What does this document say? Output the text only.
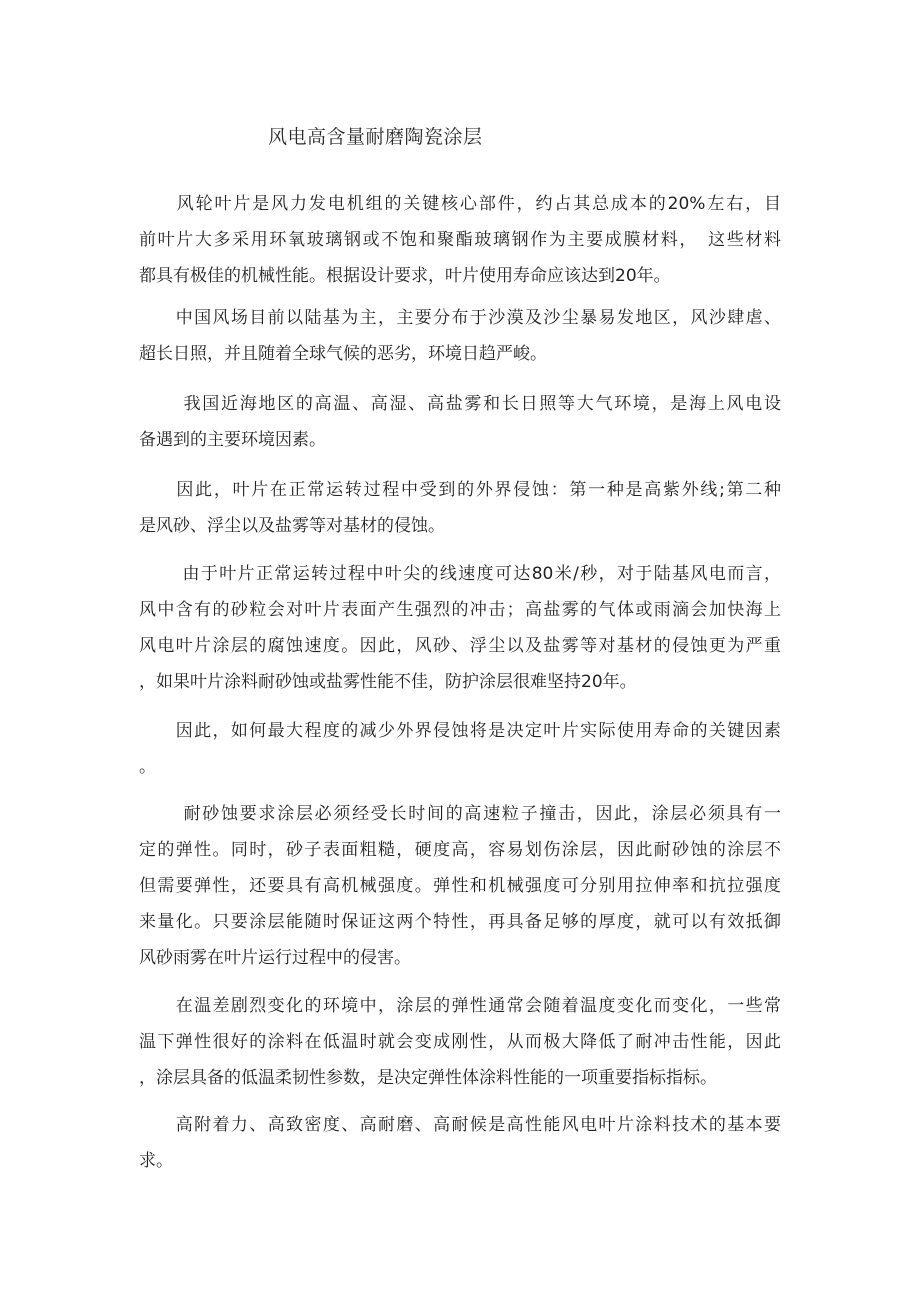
风电高含量耐磨陶瓷涂层
　　风轮叶片是风力发电机组的关键核心部件，约占其总成本的20%左右，目
前叶片大多采用环氧玻璃钢或不饱和聚酯玻璃钢作为主要成膜材料，　这些材料
都具有极佳的机械性能。根据设计要求，叶片使用寿命应该达到20年。
　　中国风场目前以陆基为主，主要分布于沙漠及沙尘暴易发地区，风沙肆虐、
超长日照，并且随着全球气候的恶劣，环境日趋严峻。
　　 我国近海地区的高温、高湿、高盐雾和长日照等大气环境，是海上风电设
备遇到的主要环境因素。
　　因此，叶片在正常运转过程中受到的外界侵蚀：第一种是高紫外线;第二种
是风砂、浮尘以及盐雾等对基材的侵蚀。
　　 由于叶片正常运转过程中叶尖的线速度可达80米/秒，对于陆基风电而言，
风中含有的砂粒会对叶片表面产生强烈的冲击；高盐雾的气体或雨滴会加快海上
风电叶片涂层的腐蚀速度。因此，风砂、浮尘以及盐雾等对基材的侵蚀更为严重
，如果叶片涂料耐砂蚀或盐雾性能不佳，防护涂层很难坚持20年。
　　因此，如何最大程度的减少外界侵蚀将是决定叶片实际使用寿命的关键因素
。
　　 耐砂蚀要求涂层必须经受长时间的高速粒子撞击，因此，涂层必须具有一
定的弹性。同时，砂子表面粗糙，硬度高，容易划伤涂层，因此耐砂蚀的涂层不
但需要弹性，还要具有高机械强度。弹性和机械强度可分别用拉伸率和抗拉强度
来量化。只要涂层能随时保证这两个特性，再具备足够的厚度，就可以有效抵御
风砂雨雾在叶片运行过程中的侵害。
　　在温差剧烈变化的环境中，涂层的弹性通常会随着温度变化而变化，一些常
温下弹性很好的涂料在低温时就会变成刚性，从而极大降低了耐冲击性能，因此
，涂层具备的低温柔韧性参数，是决定弹性体涂料性能的一项重要指标指标。
　　高附着力、高致密度、高耐磨、高耐候是高性能风电叶片涂料技术的基本要
求。
